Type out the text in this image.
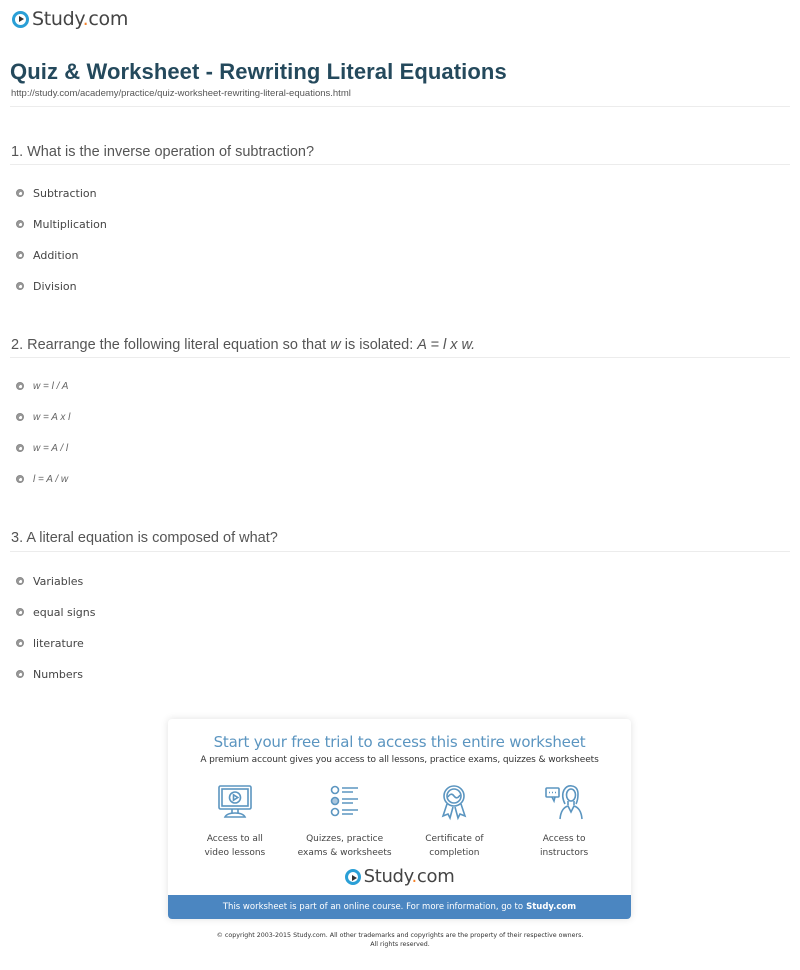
Study.com
Quiz & Worksheet - Rewriting Literal Equations
http://study.com/academy/practice/quiz-worksheet-rewriting-literal-equations.html
1. What is the inverse operation of subtraction?
Subtraction
Multiplication
Addition
Division
2. Rearrange the following literal equation so that w is isolated: A = l x w.
w = l / A
w = A x l
w = A / l
l = A / w
3. A literal equation is composed of what?
Variables
equal signs
literature
Numbers
Start your free trial to access this entire worksheet
A premium account gives you access to all lessons, practice exams, quizzes & worksheets
Access to all
video lessons
Quizzes, practice
exams & worksheets
Certificate of
completion
Access to
instructors
Study.com
This worksheet is part of an online course. For more information, go to Study.com
© copyright 2003-2015 Study.com. All other trademarks and copyrights are the property of their respective owners.
All rights reserved.
